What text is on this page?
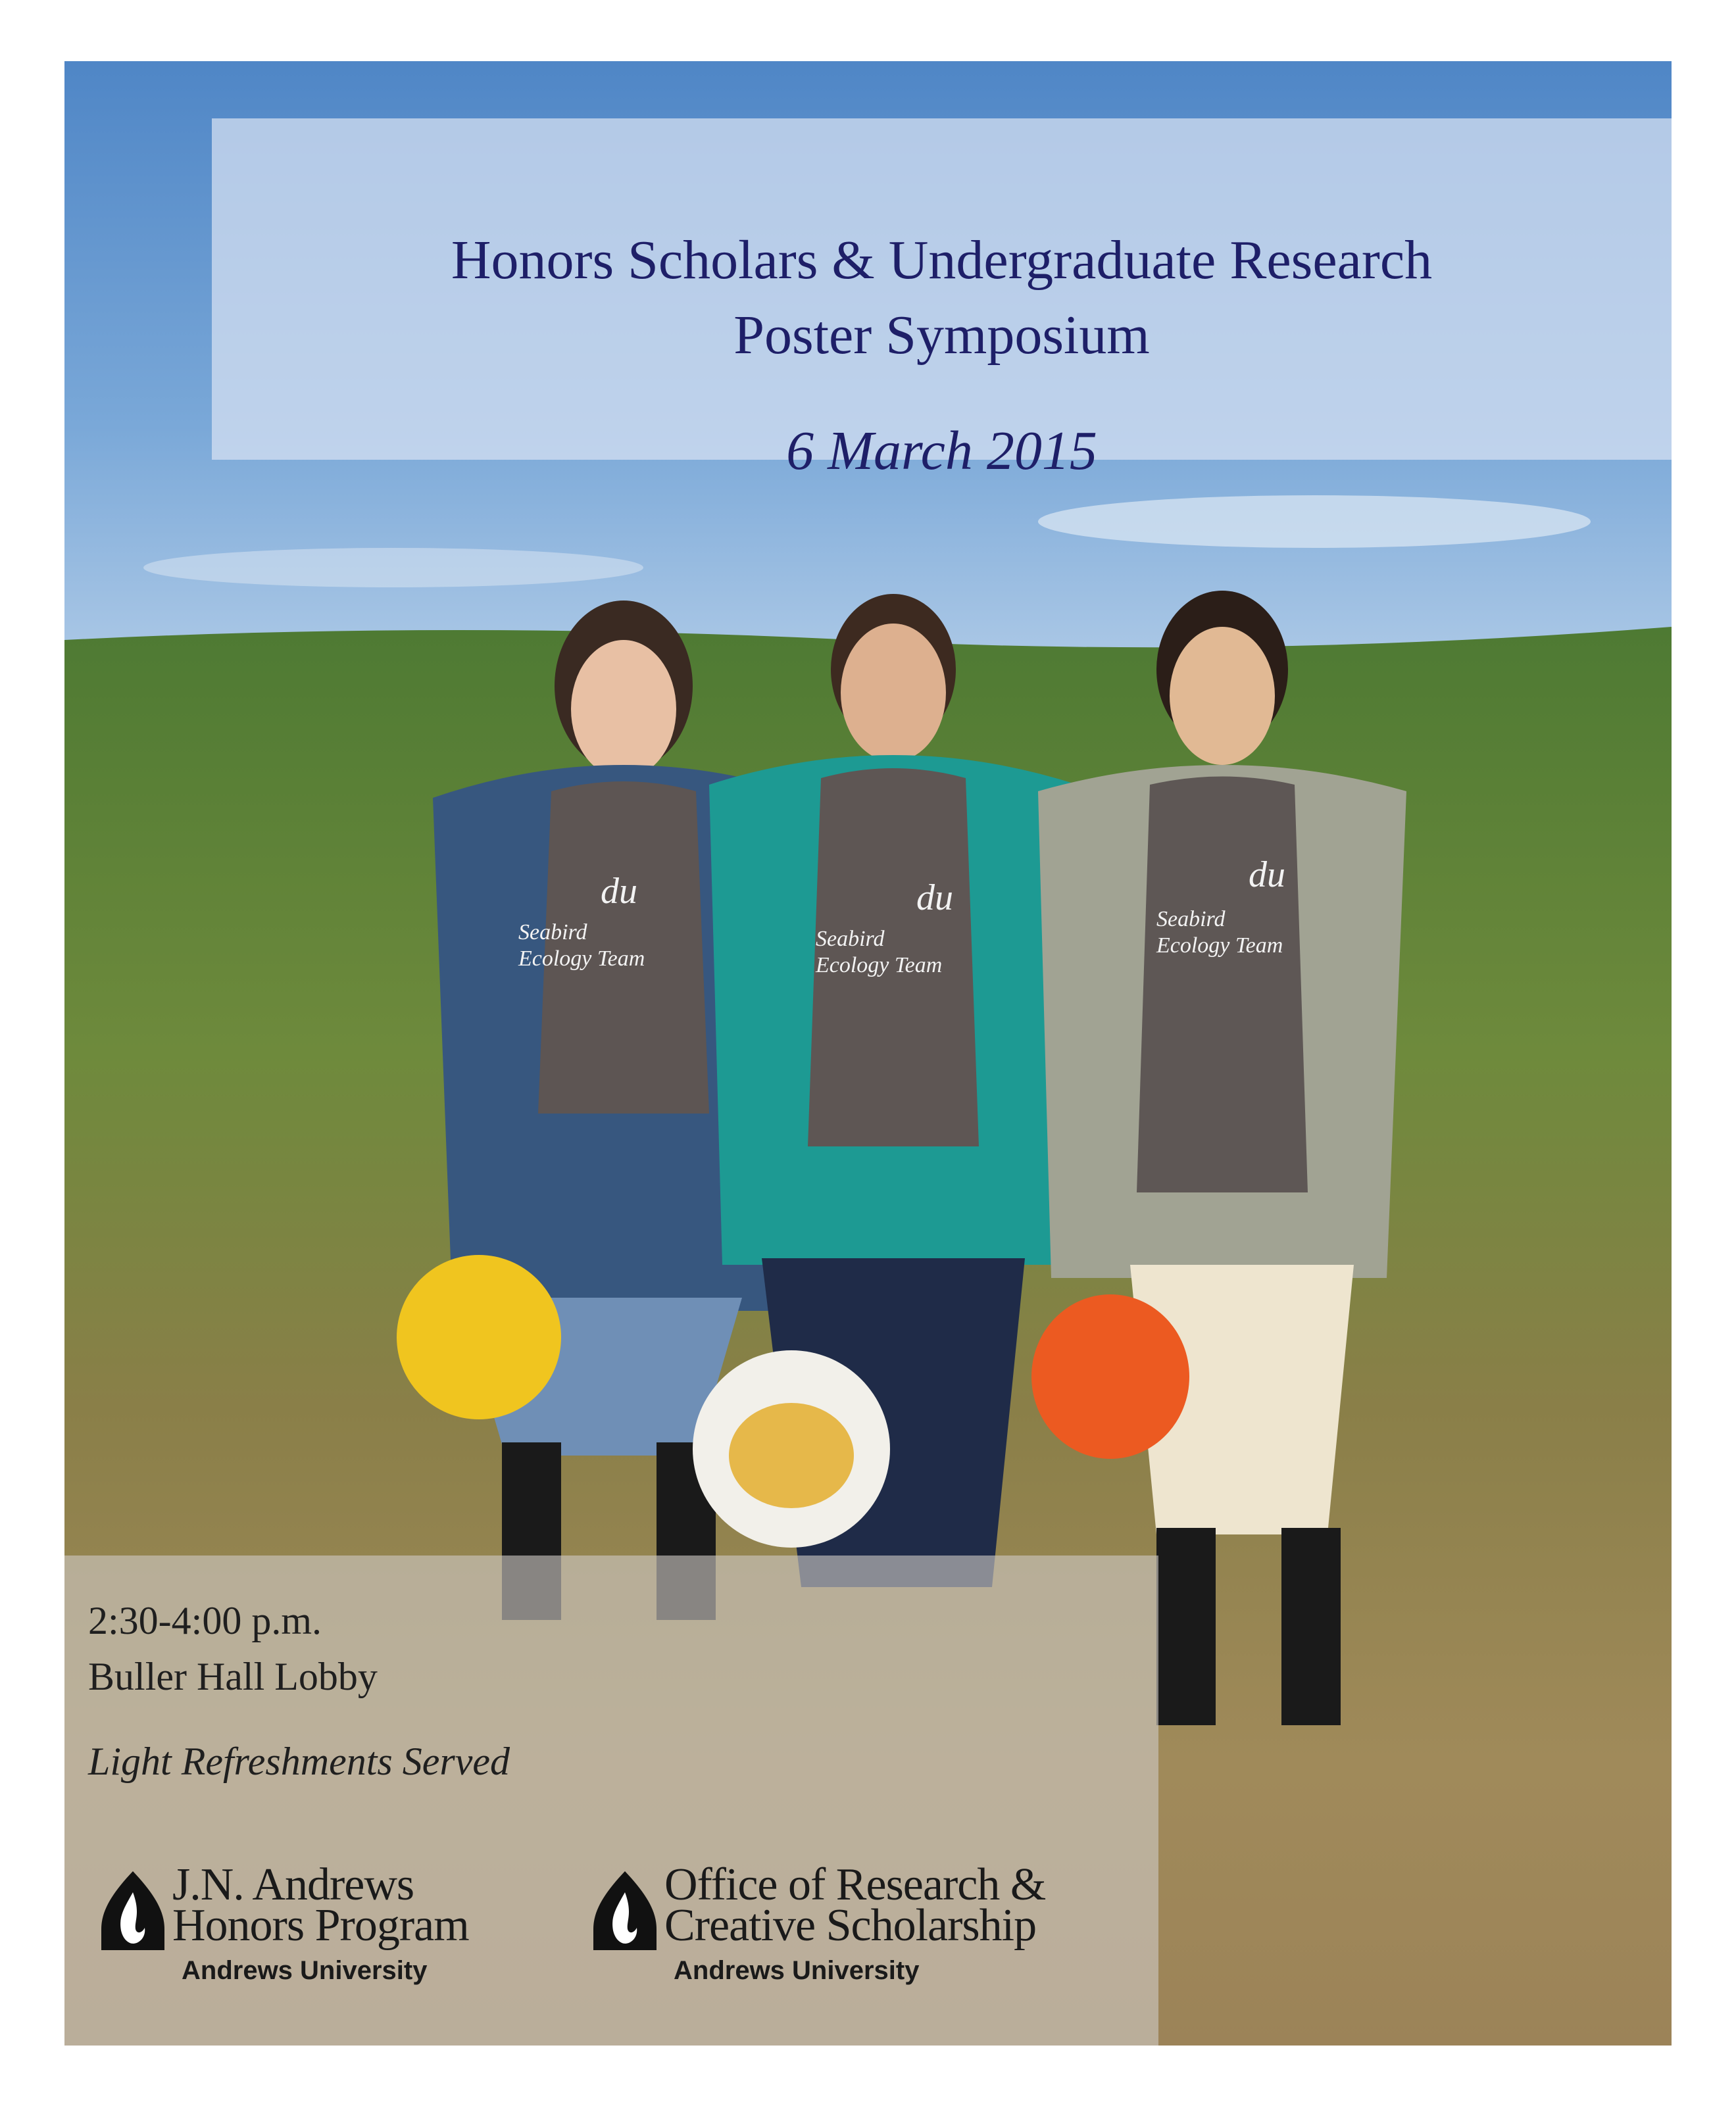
du	du
du
Seabird
Ecology Team
Seabird
Ecology Team
Seabird
Ecology Team
Honors Scholars & Undergraduate Research
Poster Symposium
6 March 2015
2:30-4:00 p.m.
Buller Hall Lobby
Light Refreshments Served
J.N. Andrews
Honors Program
Andrews University
Office of Research &
Creative Scholarship
Andrews University
